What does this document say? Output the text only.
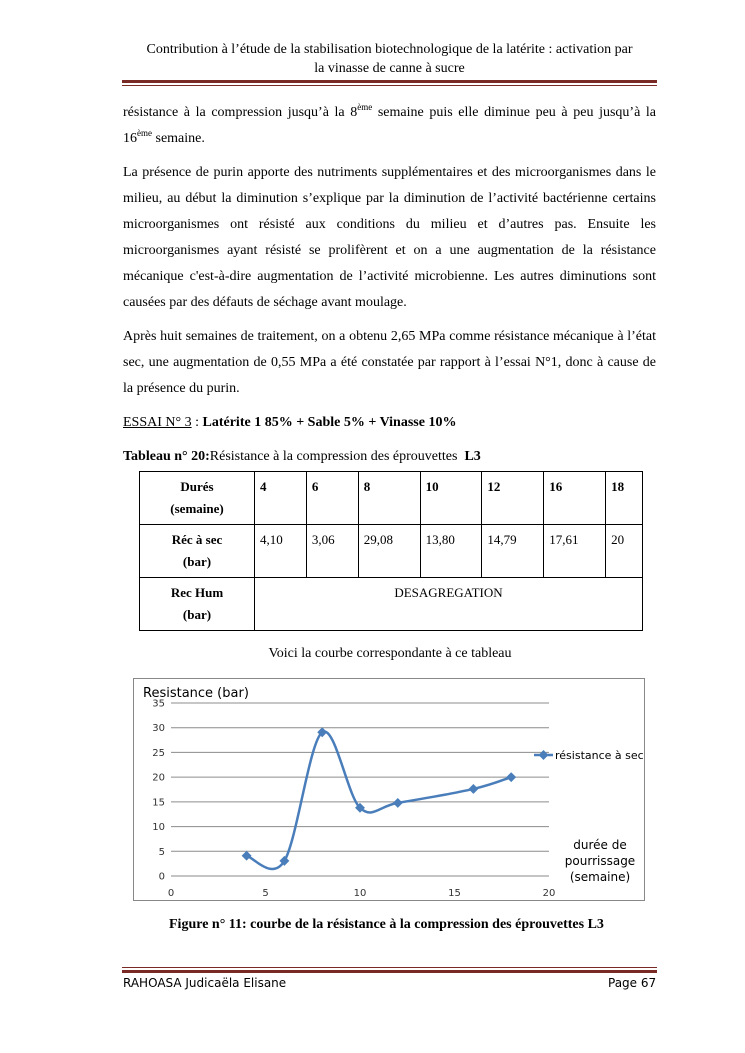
Contribution à l’étude de la stabilisation biotechnologique de la latérite : activation par
la vinasse de canne à sucre

résistance à la compression jusqu’à la 8ème semaine puis elle diminue peu à peu jusqu’à la 16ème semaine.

La présence de purin apporte des nutriments supplémentaires et des microorganismes dans le milieu, au début la diminution s’explique par la diminution de l’activité bactérienne certains microorganismes ont résisté aux conditions du milieu et d’autres pas. Ensuite les microorganismes ayant résisté se prolifèrent et on a une augmentation de la résistance mécanique c'est-à-dire augmentation de l’activité microbienne. Les autres diminutions sont causées par des défauts de séchage avant moulage.

Après huit semaines de traitement, on a obtenu 2,65 MPa comme résistance mécanique à l’état sec, une augmentation de 0,55 MPa a été constatée par rapport à l’essai N°1, donc à cause de la présence du purin.

ESSAI N° 3 : Latérite 1 85% + Sable 5% + Vinasse 10%

Tableau n° 20:Résistance à la compression des éprouvettes  L3

Durés
(semaine)	4	6	8	10	12	16	18

Réc à sec
(bar)	4,10	3,06	29,08	13,80	14,79	17,61	20

Rec Hum
(bar)	DESAGREGATION						
Voici la courbe correspondante à ce tableau
0
5
10
15
20
25
30
35
0	5	10	15	20
Resistance (bar)
durée de
pourrissage
(semaine)
résistance à sec
Figure n° 11: courbe de la résistance à la compression des éprouvettes L3
RAHOASA Judicaëla Elisane	Page 67
